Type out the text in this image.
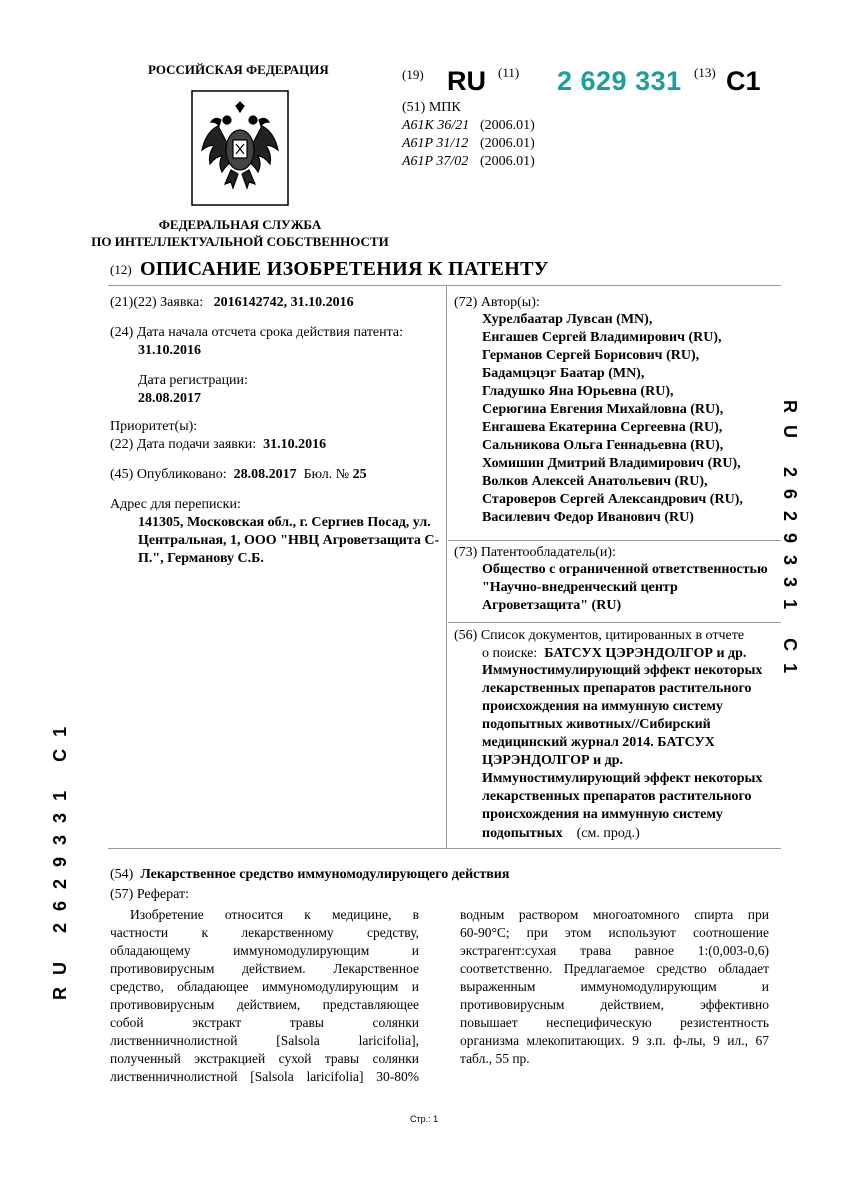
РОССИЙСКАЯ ФЕДЕРАЦИЯ
ФЕДЕРАЛЬНАЯ СЛУЖБА
ПО ИНТЕЛЛЕКТУАЛЬНОЙ СОБСТВЕННОСТИ
(19) RU (11) 2 629 331 (13) C1
(51) МПК
A61K 36/21 (2006.01)
A61P 31/12 (2006.01)
A61P 37/02 (2006.01)
(12) ОПИСАНИЕ ИЗОБРЕТЕНИЯ К ПАТЕНТУ
(21)(22) Заявка: 2016142742, 31.10.2016
(24) Дата начала отсчета срока действия патента:
31.10.2016
Дата регистрации:
28.08.2017
Приоритет(ы):
(22) Дата подачи заявки: 31.10.2016
(45) Опубликовано: 28.08.2017 Бюл. № 25
Адрес для переписки:
141305, Московская обл., г. Сергиев Посад, ул.
Центральная, 1, ООО "НВЦ Агроветзащита С-
П.", Германову С.Б.
(72) Автор(ы):
Хурелбаатар Лувсан (MN),
Енгашев Сергей Владимирович (RU),
Германов Сергей Борисович (RU),
Бадамцэцэг Баатар (MN),
Гладушко Яна Юрьевна (RU),
Серюгина Евгения Михайловна (RU),
Енгашева Екатерина Сергеевна (RU),
Сальникова Ольга Геннадьевна (RU),
Хомишин Дмитрий Владимирович (RU),
Волков Алексей Анатольевич (RU),
Староверов Сергей Александрович (RU),
Василевич Федор Иванович (RU)
(73) Патентообладатель(и):
Общество с ограниченной ответственностью
"Научно-внедренческий центр
Агроветзащита" (RU)
(56) Список документов, цитированных в отчете
о поиске: БАТСУХ ЦЭРЭНДОЛГОР и др.
Иммуностимулирующий эффект некоторых
лекарственных препаратов растительного
происхождения на иммунную систему
подопытных животных//Сибирский
медицинский журнал 2014. БАТСУХ
ЦЭРЭНДОЛГОР и др.
Иммуностимулирующий эффект некоторых
лекарственных препаратов растительного
происхождения на иммунную систему
подопытных (см. прод.)
(54) Лекарственное средство иммуномодулирующего действия
(57) Реферат:
Изобретение относится к медицине, в
частности к лекарственному средству,
обладающему иммуномодулирующим и
противовирусным действием. Лекарственное
средство, обладающее иммуномодулирующим и
противовирусным действием, представляющее
собой экстракт травы солянки
лиственничнолистной [Salsola laricifolia],
полученный экстракцией сухой травы солянки
лиственничнолистной [Salsola laricifolia] 30-80%
водным раствором многоатомного спирта при
60-90°C; при этом используют соотношение
экстрагент:сухая трава равное 1:(0,003-0,6)
соответственно. Предлагаемое средство обладает
выраженным иммуномодулирующим и
противовирусным действием, эффективно
повышает неспецифическую резистентность
организма млекопитающих. 9 з.п. ф-лы, 9 ил., 67
табл., 55 пр.
RU 2629331 C1
RU 2629331 C1
Стр.: 1
